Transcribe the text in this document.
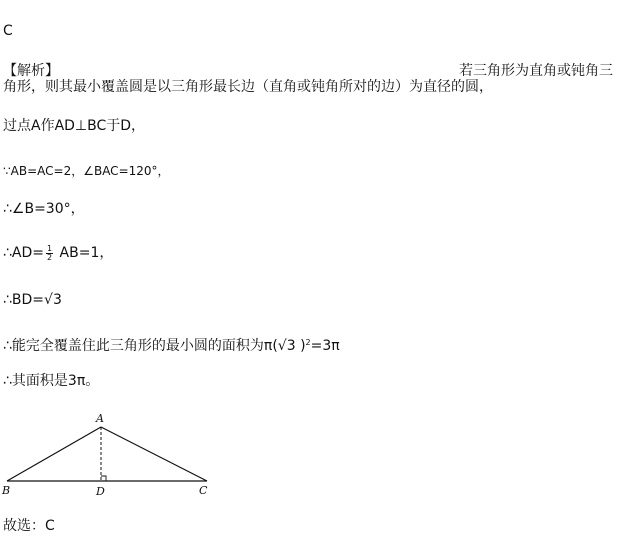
C
【解析】	若三角形为直角或钝角三
角形，则其最小覆盖圆是以三角形最长边（直角或钝角所对的边）为直径的圆，
过点A作AD⊥BC于D，
∵AB=AC=2，∠BAC=120°，
∴∠B=30°，
∴AD= $\frac{1}{2} AB=1$，
∴BD=√3
∴能完全覆盖住此三角形的最小圆的面积为π(√3 )$^2$=3π
∴其面积是3π。
A
B	D	C
故选：C
